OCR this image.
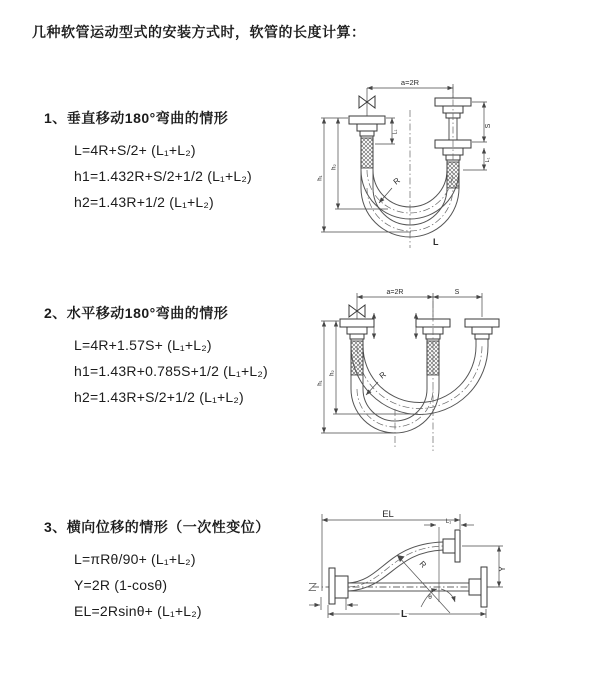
几种软管运动型式的安装方式时，软管的长度计算：
1、垂直移动180°弯曲的情形
L=4R+S/2+ (L₁+L₂)
h1=1.432R+S/2+1/2 (L₁+L₂)
h2=1.43R+1/2 (L₁+L₂)
2、水平移动180°弯曲的情形
L=4R+1.57S+ (L₁+L₂)
h1=1.43R+0.785S+1/2 (L₁+L₂)
h2=1.43R+S/2+1/2 (L₁+L₂)
3、横向位移的情形（一次性变位）
L=πRθ/90+ (L₁+L₂)
Y=2R (1-cosθ)
EL=2Rsinθ+ (L₁+L₂)
a=2R
S
L₁
L₁
h₁
h₂
R
L
a=2R	S
h₁
h₂	R
EL
L₁
Y
L
R
θ
